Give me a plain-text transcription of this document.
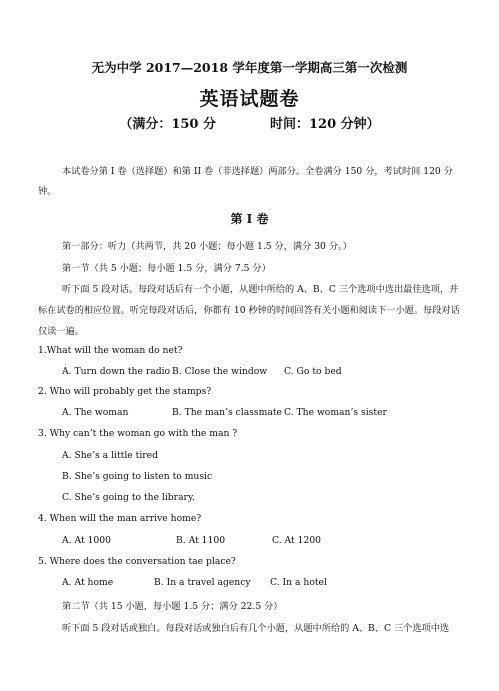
无为中学 2017—2018 学年度第一学期高三第一次检测
英语试题卷
（满分：150 分	时间：120 分钟）
本试卷分第 I 卷（选择题）和第 II 卷（非选择题）两部分。全卷满分 150 分，考试时间 120 分钟。
第 I 卷
第一部分：听力（共两节，共 20 小题；每小题 1.5 分，满分 30 分。）
第一节（共 5 小题；每小题 1.5 分，满分 7.5 分）
听下面 5 段对话。每段对话后有一个小题，从题中所给的 A、B、C 三个选项中选出最佳选项，并标在试卷的相应位置。听完每段对话后，你都有 10 秒钟的时间回答有关小题和阅读下一小题。每段对话仅读一遍。
1.What will the woman do net?
A. Turn down the radio B. Close the window C. Go to bed
2. Who will probably get the stamps?
A. The woman	B. The man’s classmate C. The woman’s sister
3. Why can’t the woman go with the man ?
A. She’s a little tired
B. She’s going to listen to music
C. She’s going to the library.
4. When will the man arrive home?
A. At 1000	B. At 1100	C. At 1200
5. Where does the conversation tae place?
A. At home	B. In a travel agency C. In a hotel
第二节（共 15 小题，每小题 1.5 分；满分 22.5 分）
听下面 5 段对话或独白。每段对话或独白后有几个小题，从题中所给的 A、B、C 三个选项中选
